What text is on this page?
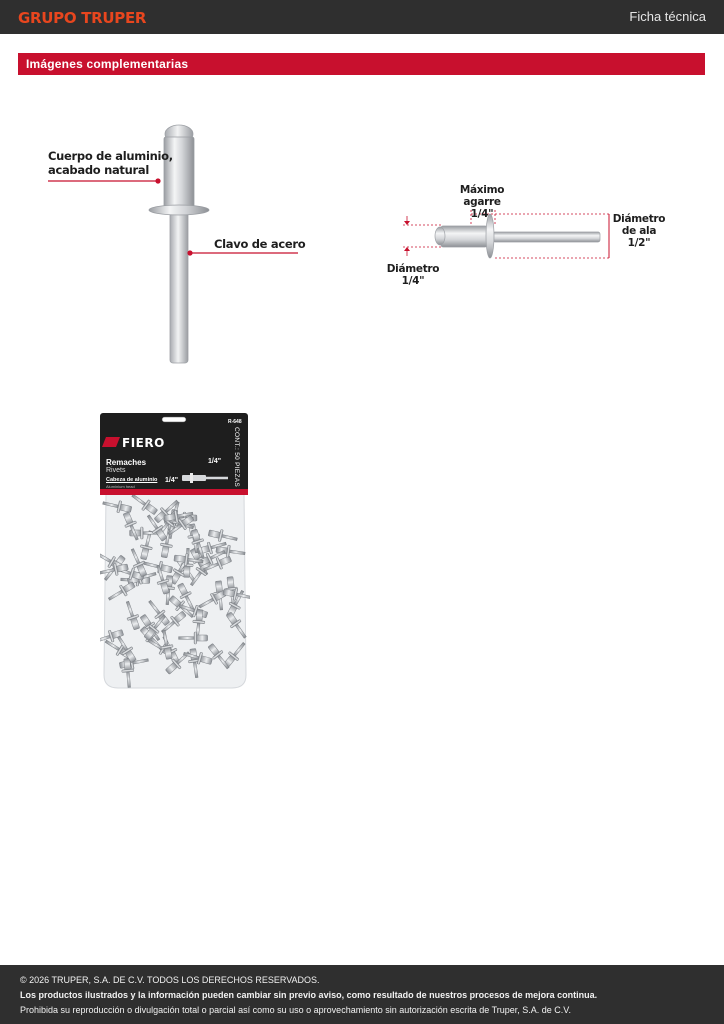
GRUPO TRUPER	Ficha técnica
Imágenes complementarias
Cuerpo de aluminio,
acabado natural
Clavo de acero
Máximo agarre
1/4"	Diámetro
de ala
1/2"
Diámetro
1/4"
R-648
FIERO
Remaches
Rivets
Cabeza de aluminio
Aluminium head
1/4"
1/4"	CONT.: 50 PIEZAS
© 2026 TRUPER, S.A. DE C.V. TODOS LOS DERECHOS RESERVADOS.
Los productos ilustrados y la información pueden cambiar sin previo aviso, como resultado de nuestros procesos de mejora continua.
Prohibida su reproducción o divulgación total o parcial así como su uso o aprovechamiento sin autorización escrita de Truper, S.A. de C.V.
